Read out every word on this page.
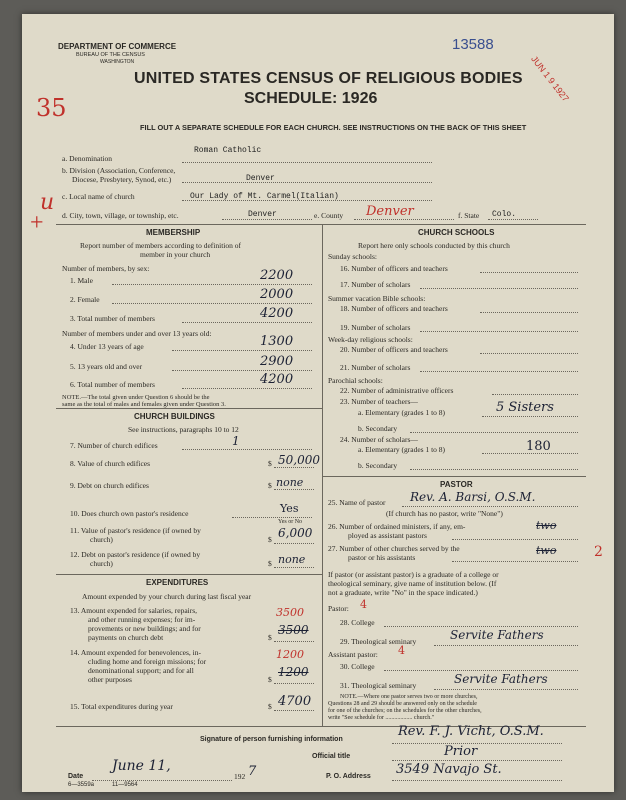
DEPARTMENT OF COMMERCE
BUREAU OF THE CENSUS
WASHINGTON
13588
JUN 1 9 1927
UNITED STATES CENSUS OF RELIGIOUS BODIES
SCHEDULE: 1926
FILL OUT A SEPARATE SCHEDULE FOR EACH CHURCH. SEE INSTRUCTIONS ON THE BACK OF THIS SHEET
35
+
u
a. Denomination
Roman Catholic
b. Division (Association, Conference,
Diocese, Presbytery, Synod, etc.)	Denver
c. Local name of church	Our Lady of Mt. Carmel(Italian)
d. City, town, village, or township, etc.	Denver	e. County Denver	f. State Colo.
MEMBERSHIP
Report number of members according to definition of
member in your church
Number of members, by sex:
1. Male	2200
2. Female	2000
3. Total number of members	4200
Number of members under and over 13 years old:
4. Under 13 years of age	1300
5. 13 years old and over	2900
6. Total number of members	4200
NOTE.—The total given under Question 6 should be the
same as the total of males and females given under Question 3.
CHURCH BUILDINGS
See instructions, paragraphs 10 to 12
7. Number of church edifices	1
8. Value of church edifices	$ 50,000
9. Debt on church edifices	$ none
10. Does church own pastor's residence	Yes
Yes or No
11. Value of pastor's residence (if owned by
church)	$ 6,000
12. Debt on pastor's residence (if owned by
church)	$ none
EXPENDITURES
Amount expended by your church during last fiscal year
13. Amount expended for salaries, repairs,
and other running expenses; for im-
provements or new buildings; and for
payments on church debt
3500
$
3500
14. Amount expended for benevolences, in-
cluding home and foreign missions; for
denominational support; and for all
other purposes
1200
$
1200
15. Total expenditures during year	$ 4700
CHURCH SCHOOLS
Report here only schools conducted by this church
Sunday schools:
16. Number of officers and teachers
17. Number of scholars
Summer vacation Bible schools:
18. Number of officers and teachers
19. Number of scholars
Week-day religious schools:
20. Number of officers and teachers
21. Number of scholars
Parochial schools:
22. Number of administrative officers
23. Number of teachers—
a. Elementary (grades 1 to 8)	5 Sisters
b. Secondary
24. Number of scholars—
a. Elementary (grades 1 to 8)	180
b. Secondary
PASTOR
25. Name of pastor Rev. A. Barsi, O.S.M.
(If church has no pastor, write "None")
26. Number of ordained ministers, if any, em-
ployed as assistant pastors
two
27. Number of other churches served by the
pastor or his assistants
two	2
If pastor (or assistant pastor) is a graduate of a college or
theological seminary, give name of institution below. (If
not a graduate, write "No" in the space indicated.)
Pastor: 4
28. College
29. Theological seminary	Servite Fathers
Assistant pastor: 4
30. College
31. Theological seminary	Servite Fathers
NOTE.—Where one pastor serves two or more churches,
Questions 28 and 29 should be answered only on the schedule
for one of the churches; on the schedules for the other churches,
write "See schedule for .................. church."
Signature of person furnishing information
Rev. F. J. Vicht, O.S.M.
Official title	Prior
Date
June 11,
192 7	P. O. Address 3549 Navajo St.
6—3559a	11—9564
